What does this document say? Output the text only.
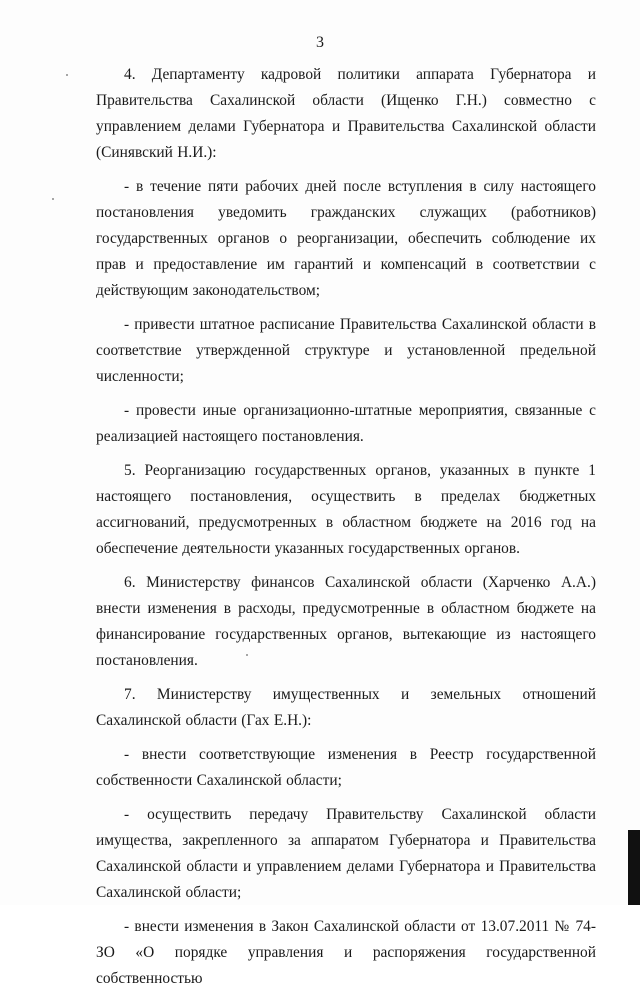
3

4. Департаменту кадровой политики аппарата Губернатора и Правительства Сахалинской области (Ищенко Г.Н.) совместно с управлением делами Губернатора и Правительства Сахалинской области (Синявский Н.И.):

- в течение пяти рабочих дней после вступления в силу настоящего постановления уведомить гражданских служащих (работников) государственных органов о реорганизации, обеспечить соблюдение их прав и предоставление им гарантий и компенсаций в соответствии с действующим законодательством;

- привести штатное расписание Правительства Сахалинской области в соответствие утвержденной структуре и установленной предельной численности;

- провести иные организационно-штатные мероприятия, связанные с реализацией настоящего постановления.

5. Реорганизацию государственных органов, указанных в пункте 1 настоящего постановления, осуществить в пределах бюджетных ассигнований, предусмотренных в областном бюджете на 2016 год на обеспечение деятельности указанных государственных органов.

6. Министерству финансов Сахалинской области (Харченко А.А.) внести изменения в расходы, предусмотренные в областном бюджете на финансирование государственных органов, вытекающие из настоящего постановления.

7. Министерству имущественных и земельных отношений Сахалинской области (Гах Е.Н.):

- внести соответствующие изменения в Реестр государственной собственности Сахалинской области;

- осуществить передачу Правительству Сахалинской области имущества, закрепленного за аппаратом Губернатора и Правительства Сахалинской области и управлением делами Губернатора и Правительства Сахалинской области;

- внести изменения в Закон Сахалинской области от 13.07.2011 № 74-ЗО «О порядке управления и распоряжения государственной собственностью
